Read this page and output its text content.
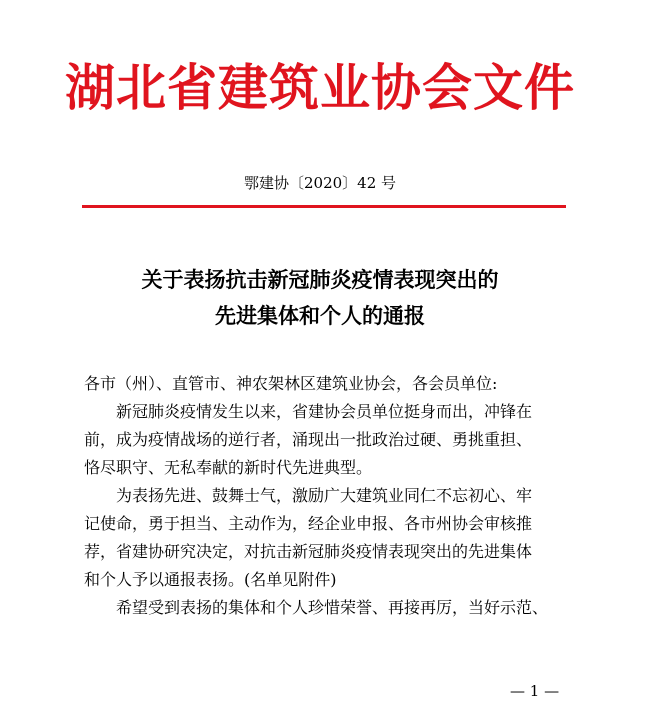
湖北省建筑业协会文件
鄂建协〔2020〕42 号
关于表扬抗击新冠肺炎疫情表现突出的
先进集体和个人的通报
各市（州）、直管市、神农架林区建筑业协会，各会员单位:
新冠肺炎疫情发生以来，省建协会员单位挺身而出，冲锋在
前，成为疫情战场的逆行者，涌现出一批政治过硬、勇挑重担、
恪尽职守、无私奉献的新时代先进典型。
为表扬先进、鼓舞士气，激励广大建筑业同仁不忘初心、牢
记使命，勇于担当、主动作为，经企业申报、各市州协会审核推
荐，省建协研究决定，对抗击新冠肺炎疫情表现突出的先进集体
和个人予以通报表扬。(名单见附件)
希望受到表扬的集体和个人珍惜荣誉、再接再厉，当好示范、
— 1 —
